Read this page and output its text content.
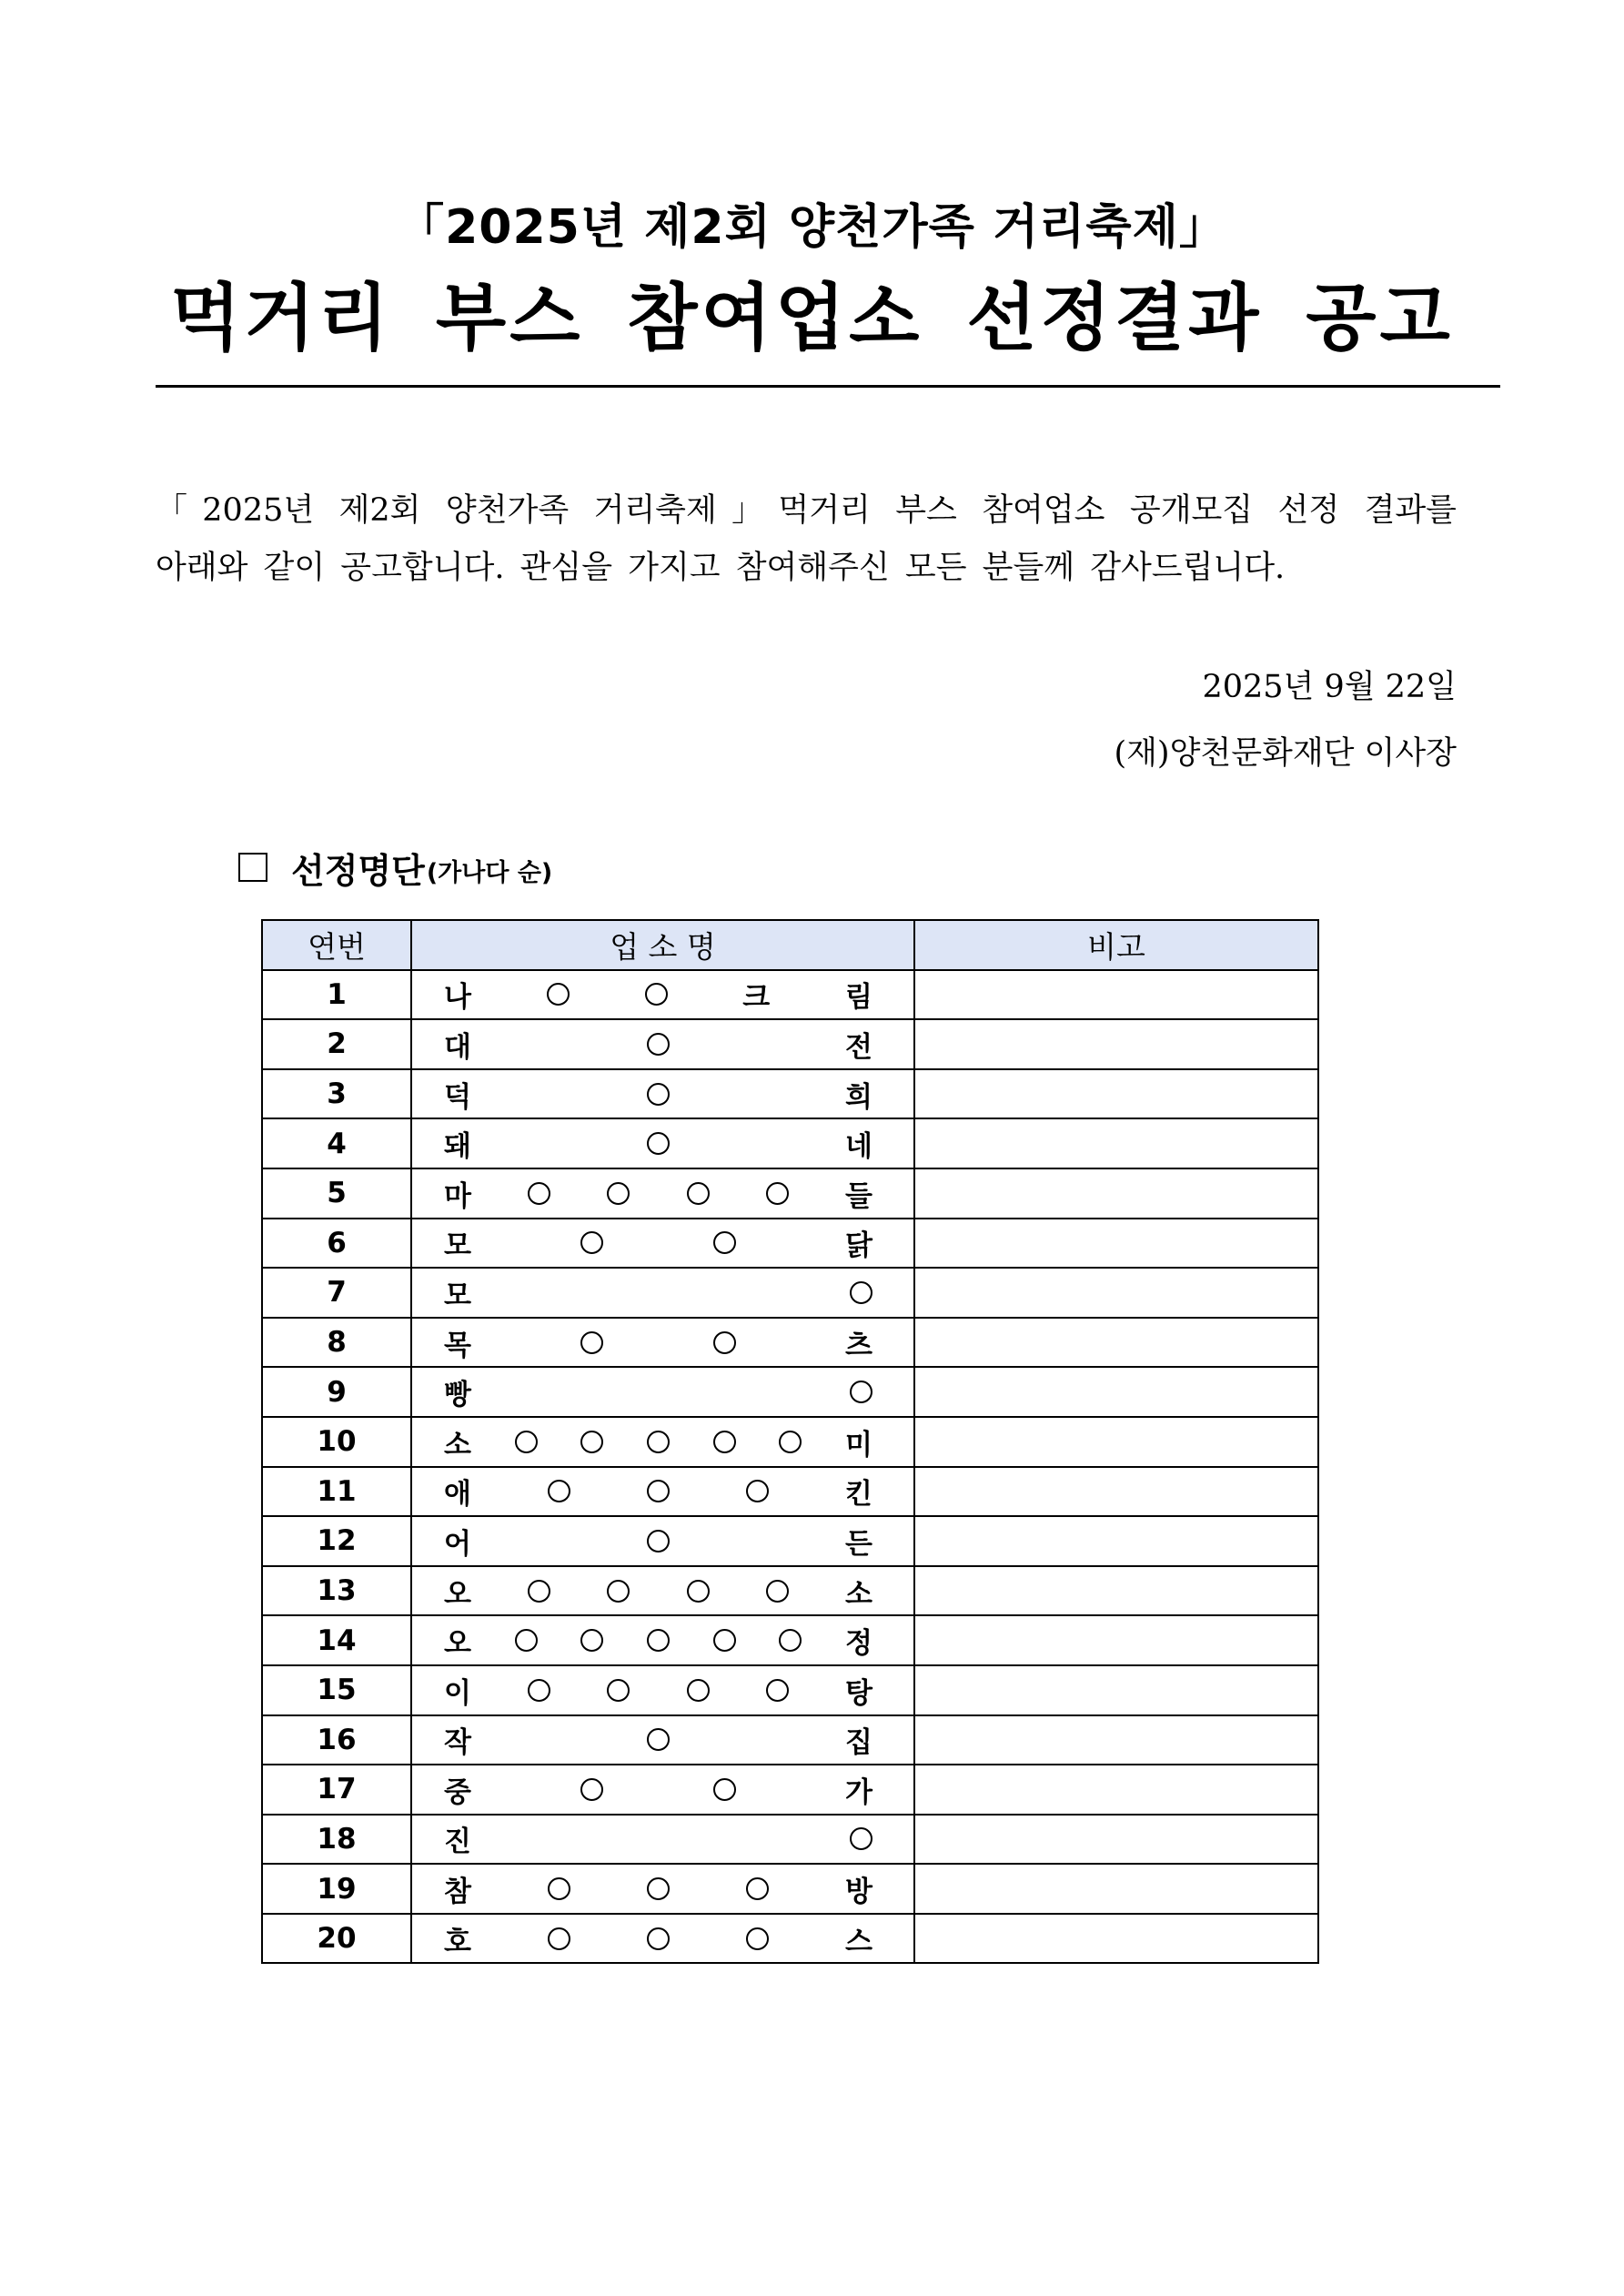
「2025년 제2회 양천가족 거리축제」
먹거리 부스 참여업소 선정결과 공고
「2025년 제2회 양천가족 거리축제」먹거리 부스 참여업소 공개모집 선정 결과를
아래와 같이 공고합니다. 관심을 가지고 참여해주신 모든 분들께 감사드립니다.
2025년 9월 22일
(재)양천문화재단 이사장
선정명단 (가나다 순)
연번	업 소 명	비고
1	나 크 림	

2	대 전	

3	덕 희	

4	돼 네	

5	마 들	

6	모 닭	

7	모	

8	목 츠	

9	빵	

10	소 미	

11	애 킨	

12	어 든	

13	오 소	

14	오 정	

15	이 탕	

16	작 집	

17	중 가	

18	진	

19	참 방	

20	호 스	
